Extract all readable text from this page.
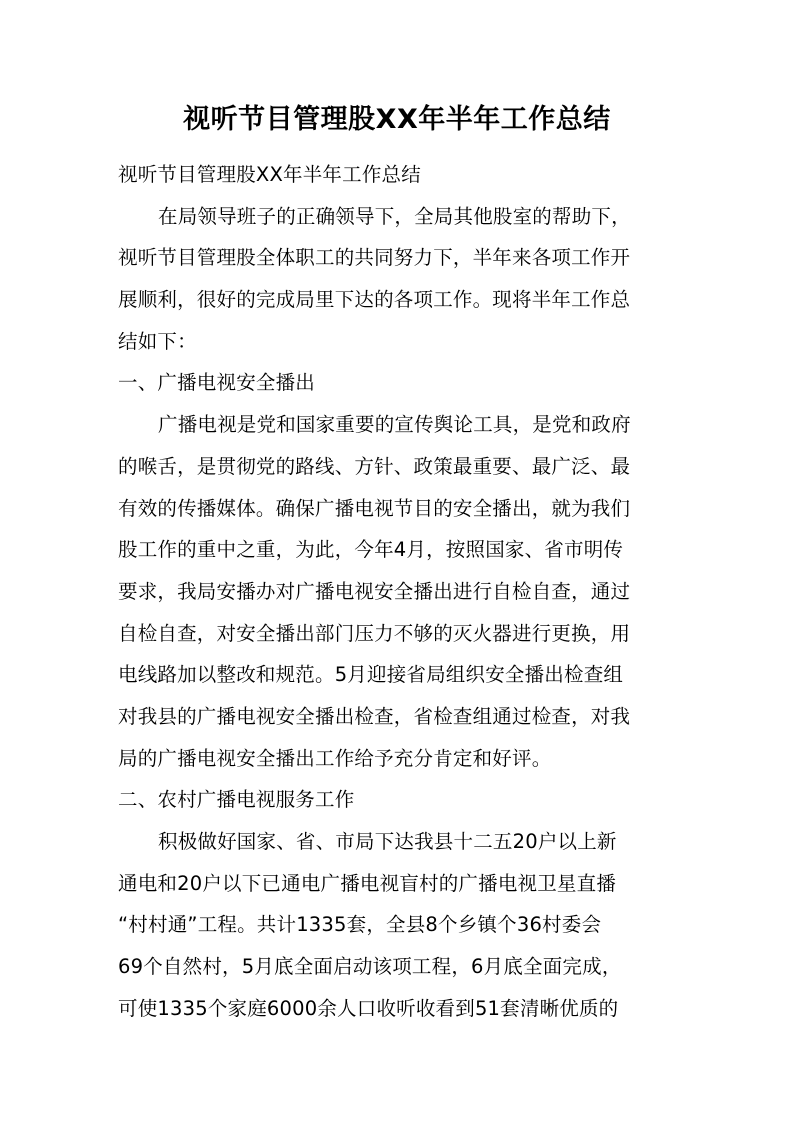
视听节目管理股XX年半年工作总结
视听节目管理股XX年半年工作总结
在局领导班子的正确领导下，全局其他股室的帮助下，
视听节目管理股全体职工的共同努力下，半年来各项工作开
展顺利，很好的完成局里下达的各项工作。现将半年工作总
结如下：
一、广播电视安全播出
广播电视是党和国家重要的宣传舆论工具，是党和政府
的喉舌，是贯彻党的路线、方针、政策最重要、最广泛、最
有效的传播媒体。确保广播电视节目的安全播出，就为我们
股工作的重中之重，为此，今年4月，按照国家、省市明传
要求，我局安播办对广播电视安全播出进行自检自查，通过
自检自查，对安全播出部门压力不够的灭火器进行更换，用
电线路加以整改和规范。5月迎接省局组织安全播出检查组
对我县的广播电视安全播出检查，省检查组通过检查，对我
局的广播电视安全播出工作给予充分肯定和好评。
二、农村广播电视服务工作
积极做好国家、省、市局下达我县十二五20户以上新
通电和20户以下已通电广播电视盲村的广播电视卫星直播
“村村通”工程。共计1335套，全县8个乡镇个36村委会
69个自然村，5月底全面启动该项工程，6月底全面完成，
可使1335个家庭6000余人口收听收看到51套清晰优质的
